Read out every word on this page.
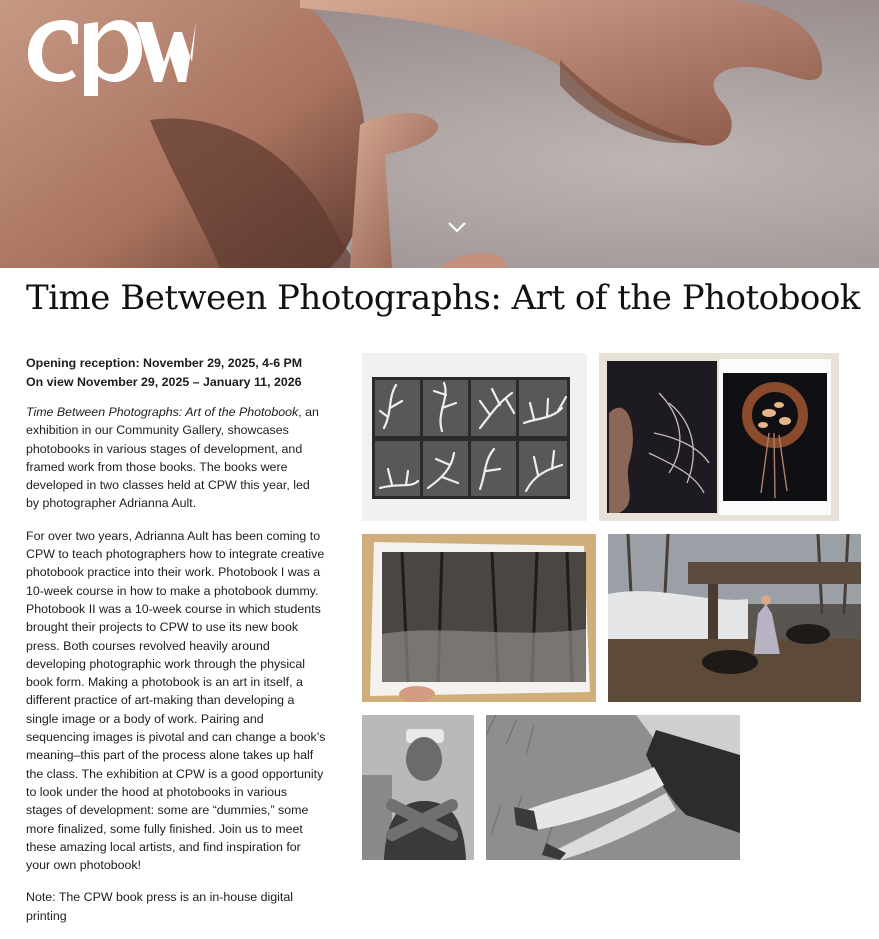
Time Between Photographs: Art of the Photobook
Opening reception: November 29, 2025, 4-6 PM
On view November 29, 2025 – January 11, 2026

Time Between Photographs: Art of the Photobook, an exhibition in our Community Gallery, showcases photobooks in various stages of development, and framed work from those books. The books were developed in two classes held at CPW this year, led by photographer Adrianna Ault.

For over two years, Adrianna Ault has been coming to CPW to teach photographers how to integrate creative photobook practice into their work. Photobook I was a 10-week course in how to make a photobook dummy. Photobook II was a 10-week course in which students brought their projects to CPW to use its new book press. Both courses revolved heavily around developing photographic work through the physical book form. Making a photobook is an art in itself, a different practice of art-making than developing a single image or a body of work. Pairing and sequencing images is pivotal and can change a book’s meaning–this part of the process alone takes up half the class. The exhibition at CPW is a good opportunity to look under the hood at photobooks in various stages of development: some are “dummies,” some more finalized, some fully finished. Join us to meet these amazing local artists, and find inspiration for your own photobook!

Note: The CPW book press is an in-house digital printing
